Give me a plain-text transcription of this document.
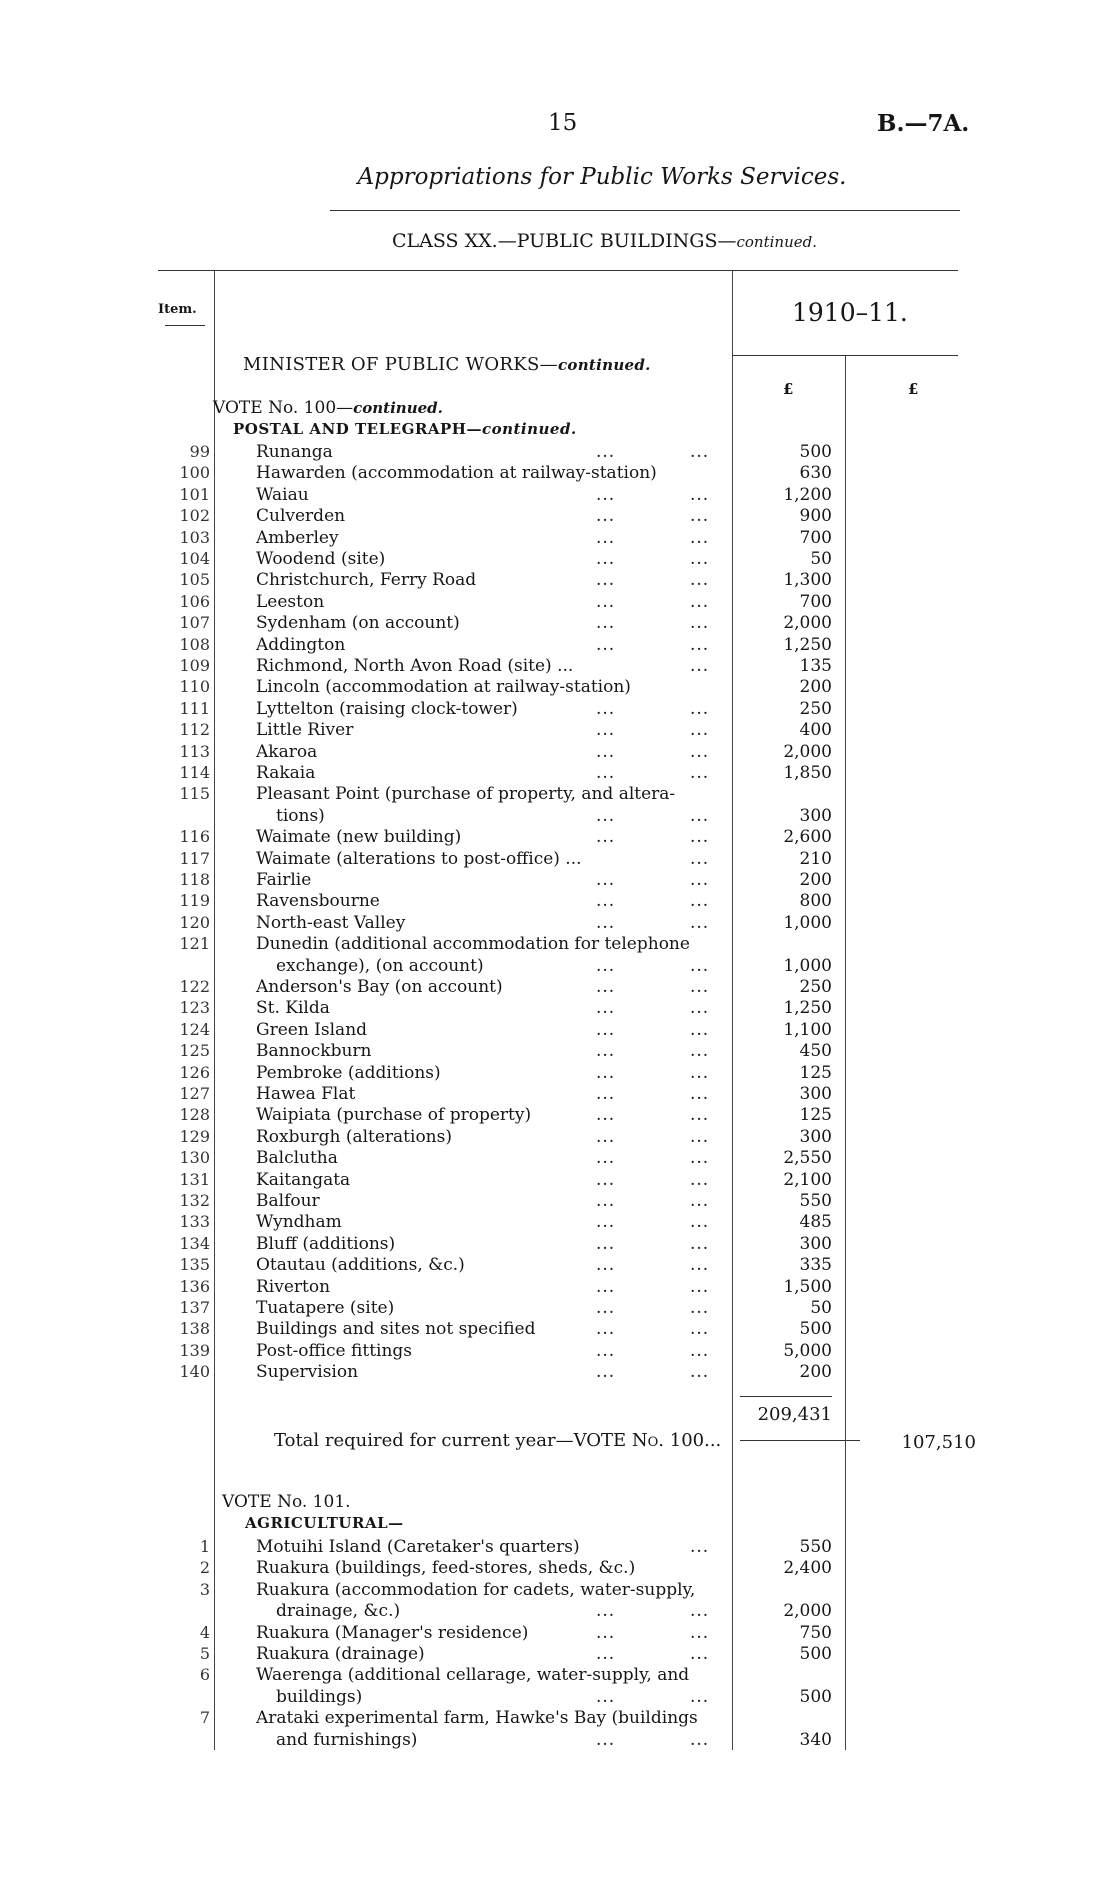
15	B.—7A.
Appropriations for Public Works Services.
CLASS XX.—PUBLIC BUILDINGS—continued.
Item.	1910–11.
£	£
MINISTER OF PUBLIC WORKS—continued.
VOTE No. 100—continued.
POSTAL AND TELEGRAPH—continued.
99	Runanga	...	...	500
100	Hawarden (accommodation at railway-station)	630
101	Waiau	...	...	1,200
102	Culverden	...	...	900
103	Amberley	...	...	700
104	Woodend (site)	...	...	50
105	Christchurch, Ferry Road	...	...	1,300
106	Leeston	...	...	700
107	Sydenham (on account)	...	...	2,000
108	Addington	...	...	1,250
109	Richmond, North Avon Road (site) ...	...	135
110	Lincoln (accommodation at railway-station)	200
111	Lyttelton (raising clock-tower)	...	...	250
112	Little River	...	...	400
113	Akaroa	...	...	2,000
114	Rakaia	...	...	1,850
115	Pleasant Point (purchase of property, and altera-
tions)	...	...	300
116	Waimate (new building)	...	...	2,600
117	Waimate (alterations to post-office) ...	...	210
118	Fairlie	...	...	200
119	Ravensbourne	...	...	800
120	North-east Valley	...	...	1,000
121	Dunedin (additional accommodation for telephone
exchange), (on account)	...	...	1,000
122	Anderson's Bay (on account)	...	...	250
123	St. Kilda	...	...	1,250
124	Green Island	...	...	1,100
125	Bannockburn	...	...	450
126	Pembroke (additions)	...	...	125
127	Hawea Flat	...	...	300
128	Waipiata (purchase of property)	...	...	125
129	Roxburgh (alterations)	...	...	300
130	Balclutha	...	...	2,550
131	Kaitangata	...	...	2,100
132	Balfour	...	...	550
133	Wyndham	...	...	485
134	Bluff (additions)	...	...	300
135	Otautau (additions, &c.)	...	...	335
136	Riverton	...	...	1,500
137	Tuatapere (site)	...	...	50
138	Buildings and sites not specified	...	...	500
139	Post-office fittings	...	...	5,000
140	Supervision	...	...	200
209,431
Total required for current year—VOTE No. 100...	107,510
VOTE No. 101.
AGRICULTURAL—
1	Motuihi Island (Caretaker's quarters)	...	550
2	Ruakura (buildings, feed-stores, sheds, &c.)	2,400
3	Ruakura (accommodation for cadets, water-supply,
drainage, &c.)	...	...	2,000
4	Ruakura (Manager's residence)	...	...	750
5	Ruakura (drainage)	...	...	500
6	Waerenga (additional cellarage, water-supply, and
buildings)	...	...	500
7	Arataki experimental farm, Hawke's Bay (buildings
and furnishings)	...	...	340
